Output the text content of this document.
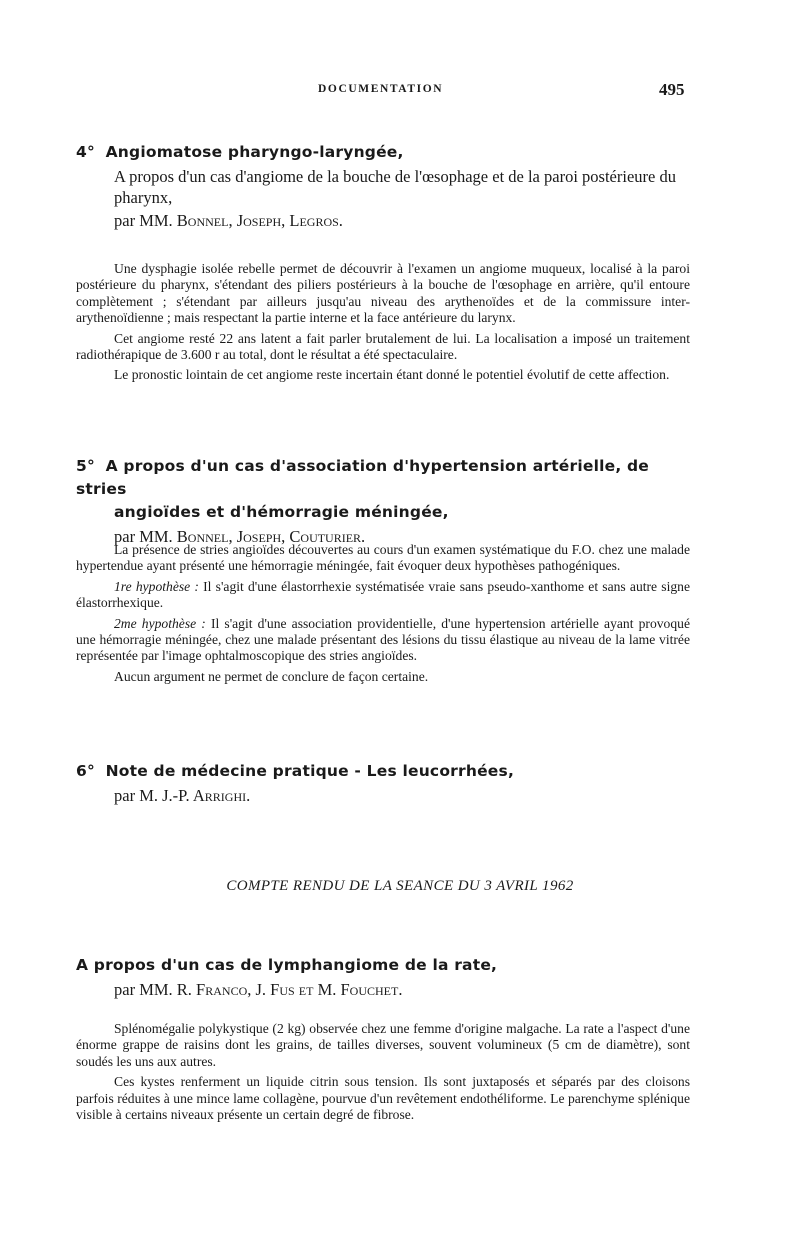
DOCUMENTATION	495
4° Angiomatose pharyngo-laryngée,
A propos d'un cas d'angiome de la bouche de l'œsophage et de la paroi postérieure du pharynx,
par MM. Bonnel, Joseph, Legros.

Une dysphagie isolée rebelle permet de découvrir à l'examen un angiome muqueux, localisé à la paroi postérieure du pharynx, s'étendant des piliers postérieurs à la bouche de l'œsophage en arrière, qu'il entoure complètement ; s'étendant par ailleurs jusqu'au niveau des arythenoïdes et de la commissure inter-arythenoïdienne ; mais respectant la partie interne et la face antérieure du larynx.

Cet angiome resté 22 ans latent a fait parler brutalement de lui. La localisation a imposé un traitement radiothérapique de 3.600 r au total, dont le résultat a été spectaculaire.

Le pronostic lointain de cet angiome reste incertain étant donné le potentiel évolutif de cette affection.

5° A propos d'un cas d'association d'hypertension artérielle, de stries
angioïdes et d'hémorragie méningée,
par MM. Bonnel, Joseph, Couturier.

La présence de stries angioïdes découvertes au cours d'un examen systématique du F.O. chez une malade hypertendue ayant présenté une hémorragie méningée, fait évoquer deux hypothèses pathogéniques.

1re hypothèse : Il s'agit d'une élastorrhexie systématisée vraie sans pseudo-xanthome et sans autre signe élastorrhexique.

2me hypothèse : Il s'agit d'une association providentielle, d'une hypertension artérielle ayant provoqué une hémorragie méningée, chez une malade présentant des lésions du tissu élastique au niveau de la lame vitrée représentée par l'image ophtalmoscopique des stries angioïdes.

Aucun argument ne permet de conclure de façon certaine.

6° Note de médecine pratique - Les leucorrhées,
par M. J.-P. Arrighi.
COMPTE RENDU DE LA SEANCE DU 3 AVRIL 1962
A propos d'un cas de lymphangiome de la rate,
par MM. R. Franco, J. Fus et M. Fouchet.

Splénomégalie polykystique (2 kg) observée chez une femme d'origine malgache. La rate a l'aspect d'une énorme grappe de raisins dont les grains, de tailles diverses, souvent volumineux (5 cm de diamètre), sont soudés les uns aux autres.

Ces kystes renferment un liquide citrin sous tension. Ils sont juxtaposés et séparés par des cloisons parfois réduites à une mince lame collagène, pourvue d'un revêtement endothéliforme. Le parenchyme splénique visible à certains niveaux présente un certain degré de fibrose.
